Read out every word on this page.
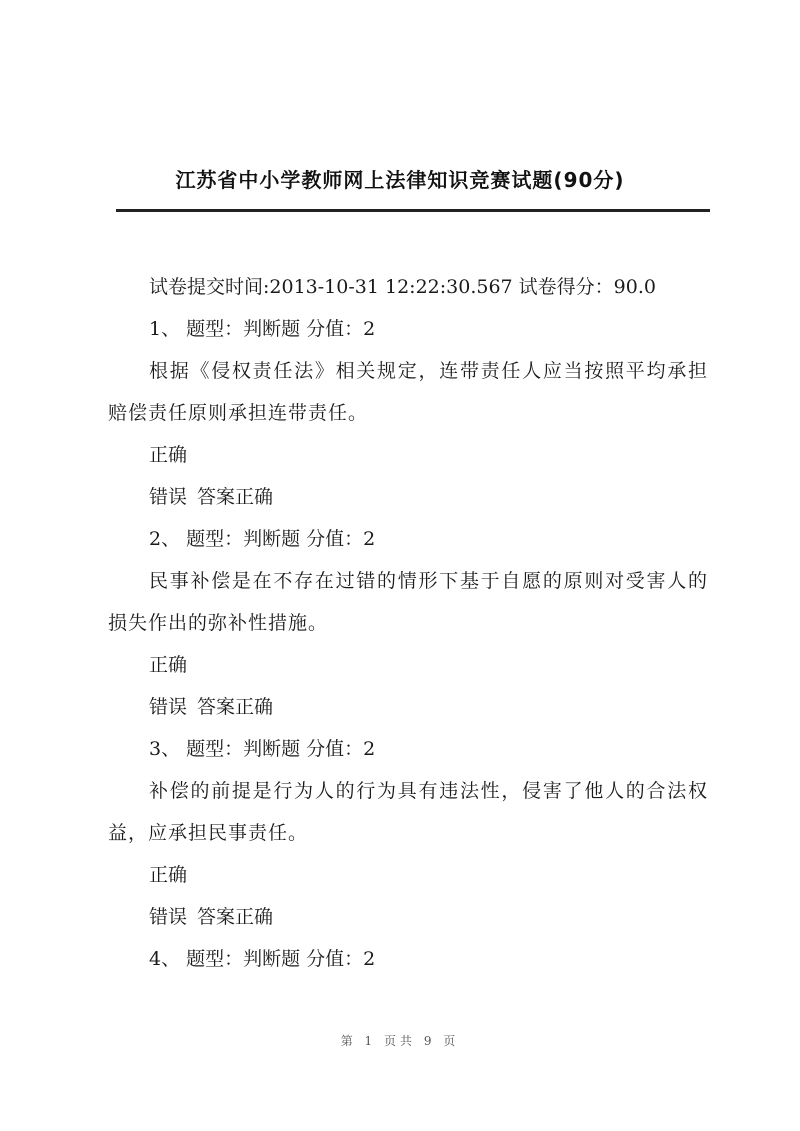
江苏省中小学教师网上法律知识竞赛试题(90分)
试卷提交时间:2013-10-31 12:22:30.567 试卷得分：90.0
1、 题型：判断题 分值：2
根据《侵权责任法》相关规定，连带责任人应当按照平均承担赔偿责任原则承担连带责任。
正确
错误 答案正确
2、 题型：判断题 分值：2
民事补偿是在不存在过错的情形下基于自愿的原则对受害人的损失作出的弥补性措施。
正确
错误 答案正确
3、 题型：判断题 分值：2
补偿的前提是行为人的行为具有违法性，侵害了他人的合法权益，应承担民事责任。
正确
错误 答案正确
4、 题型：判断题 分值：2
第 1 页共 9 页
